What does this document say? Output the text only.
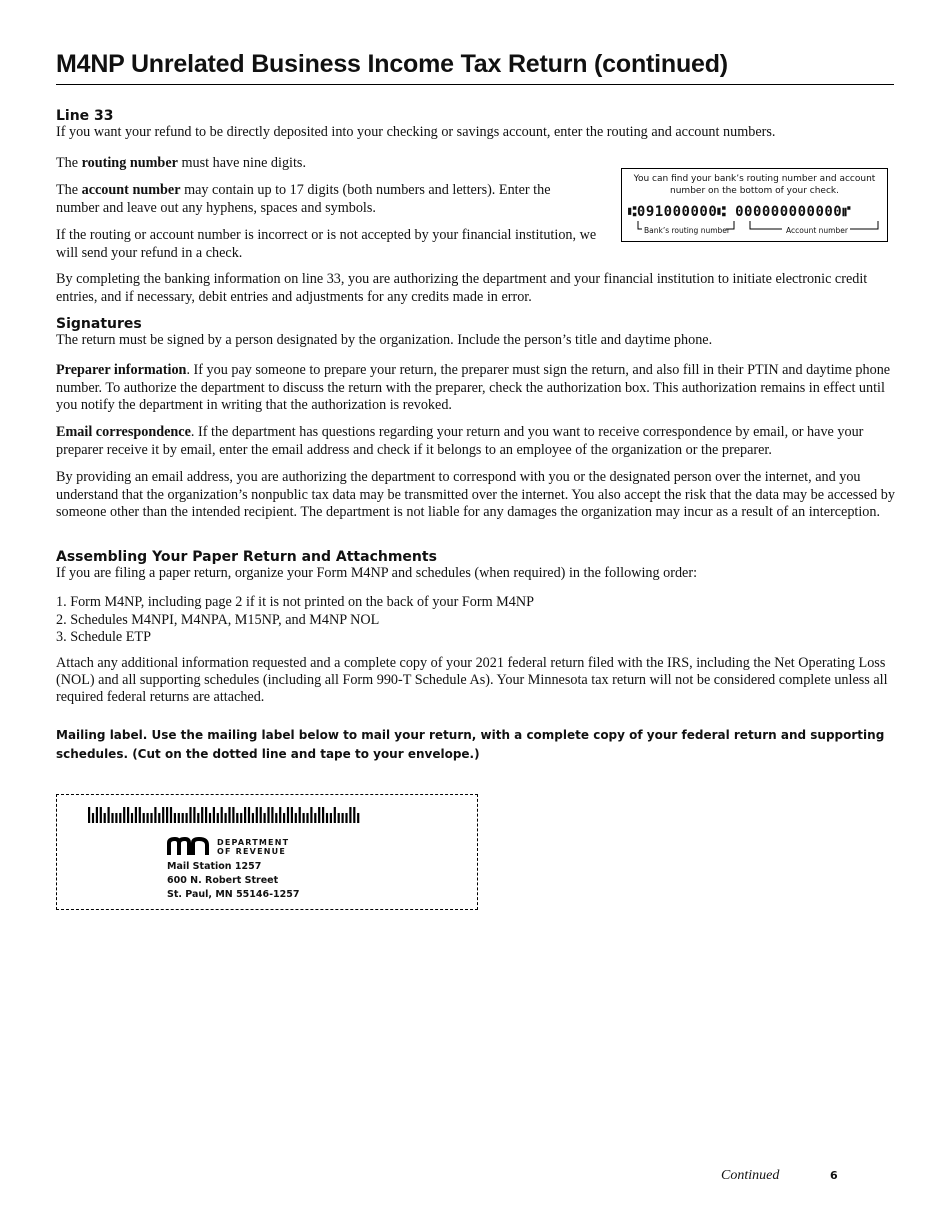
M4NP Unrelated Business Income Tax Return (continued)

Line 33

If you want your refund to be directly deposited into your checking or savings account, enter the routing and account numbers.

The routing number must have nine digits.

The account number may contain up to 17 digits (both numbers and letters). Enter the number and leave out any hyphens, spaces and symbols.

If the routing or account number is incorrect or is not accepted by your financial institution, we will send your refund in a check.

By completing the banking information on line 33, you are authorizing the department and your financial institution to initiate electronic credit entries, and if necessary, debit entries and adjustments for any credits made in error.

You can find your bank’s routing number and account number on the bottom of your check.
⑆091000000⑆ 000000000000⑈
Bank’s routing number	Account number

Signatures

The return must be signed by a person designated by the organization. Include the person’s title and daytime phone.

Preparer information. If you pay someone to prepare your return, the preparer must sign the return, and also fill in their PTIN and daytime phone number. To authorize the department to discuss the return with the preparer, check the authorization box. This authorization remains in effect until you notify the department in writing that the authorization is revoked.

Email correspondence. If the department has questions regarding your return and you want to receive correspondence by email, or have your preparer receive it by email, enter the email address and check if it belongs to an employee of the organization or the preparer.

By providing an email address, you are authorizing the department to correspond with you or the designated person over the internet, and you understand that the organization’s nonpublic tax data may be transmitted over the internet. You also accept the risk that the data may be accessed by someone other than the intended recipient. The department is not liable for any damages the organization may incur as a result of an interception.

Assembling Your Paper Return and Attachments

If you are filing a paper return, organize your Form M4NP and schedules (when required) in the following order:

1. Form M4NP, including page 2 if it is not printed on the back of your Form M4NP

2. Schedules M4NPI, M4NPA, M15NP, and M4NP NOL

3. Schedule ETP

Attach any additional information requested and a complete copy of your 2021 federal return filed with the IRS, including the Net Operating Loss (NOL) and all supporting schedules (including all Form 990-T Schedule As). Your Minnesota tax return will not be considered complete unless all required federal returns are attached.

Mailing label. Use the mailing label below to mail your return, with a complete copy of your federal return and supporting schedules. (Cut on the dotted line and tape to your envelope.)

DEPARTMENT
OF REVENUE
Mail Station 1257
600 N. Robert Street
St. Paul, MN 55146-1257
Continued	6
